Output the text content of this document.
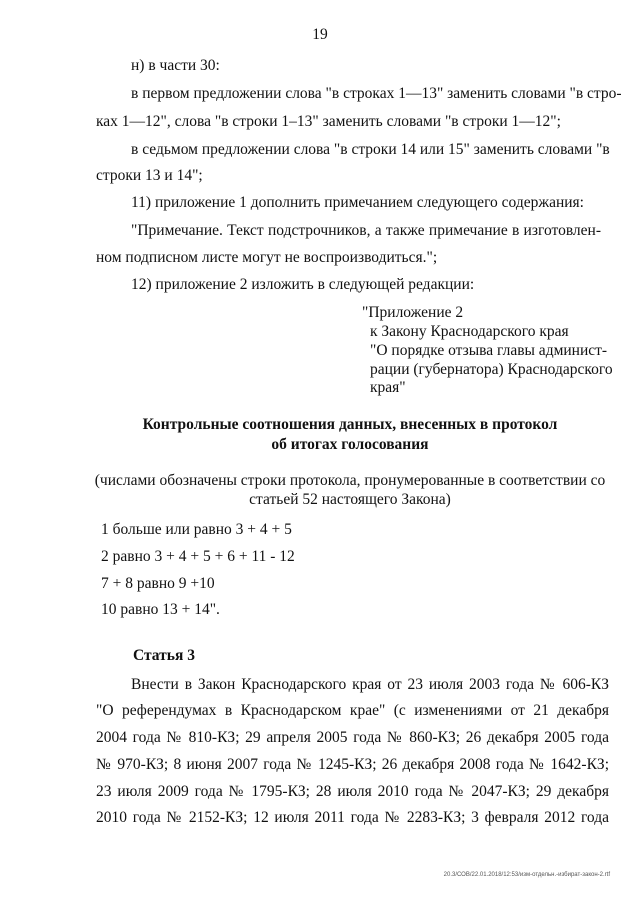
19
н) в части 30:
в первом предложении слова "в строках 1—13" заменить словами "в стро-
ках 1—12", слова "в строки 1–13" заменить словами "в строки 1—12";
в седьмом предложении слова "в строки 14 или 15" заменить словами "в
строки 13 и 14";
11) приложение 1 дополнить примечанием следующего содержания:
"Примечание. Текст подстрочников, а также примечание в изготовлен-
ном подписном листе могут не воспроизводиться.";
12) приложение 2 изложить в следующей редакции:
"Приложение 2
к Закону Краснодарского края
"О порядке отзыва главы админист-
рации (губернатора) Краснодарского
края"
Контрольные соотношения данных, внесенных в протокол
об итогах голосования
(числами обозначены строки протокола, пронумерованные в соответствии со
статьей 52 настоящего Закона)
1 больше или равно 3 + 4 + 5
2 равно 3 + 4 + 5 + 6 + 11 - 12
7 + 8 равно 9 +10
10 равно 13 + 14".
Статья 3
Внести в Закон Краснодарского края от 23 июля 2003 года № 606-КЗ
"О референдумах в Краснодарском крае" (с изменениями от 21 декабря
2004 года № 810-КЗ; 29 апреля 2005 года № 860-КЗ; 26 декабря 2005 года
№ 970-КЗ; 8 июня 2007 года № 1245-КЗ; 26 декабря 2008 года № 1642-КЗ;
23 июля 2009 года № 1795-КЗ; 28 июля 2010 года № 2047-КЗ; 29 декабря
2010 года № 2152-КЗ; 12 июля 2011 года № 2283-КЗ; 3 февраля 2012 года
20.3/СОВ/22.01.2018/12:53/изм-отдельн.-избират-закон-2.rtf
